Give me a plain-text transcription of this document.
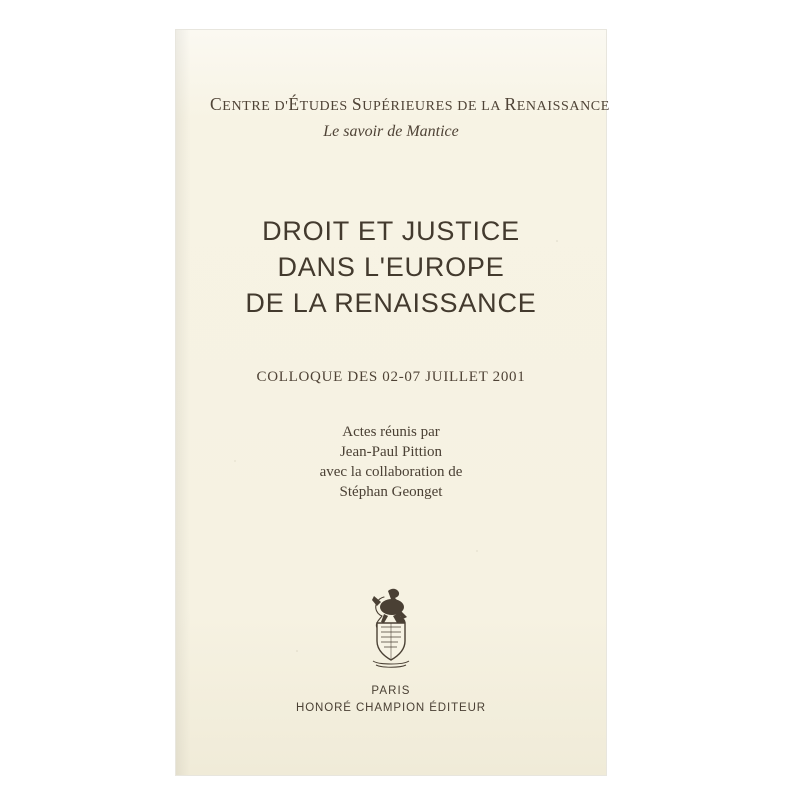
CENTRE D'ÉTUDES SUPÉRIEURES DE LA RENAISSANCE
Le savoir de Mantice
DROIT ET JUSTICE
DANS L'EUROPE
DE LA RENAISSANCE
COLLOQUE DES 02-07 JUILLET 2001
Actes réunis par
Jean-Paul Pittion
avec la collaboration de
Stéphan Geonget
PARIS
HONORÉ CHAMPION ÉDITEUR
